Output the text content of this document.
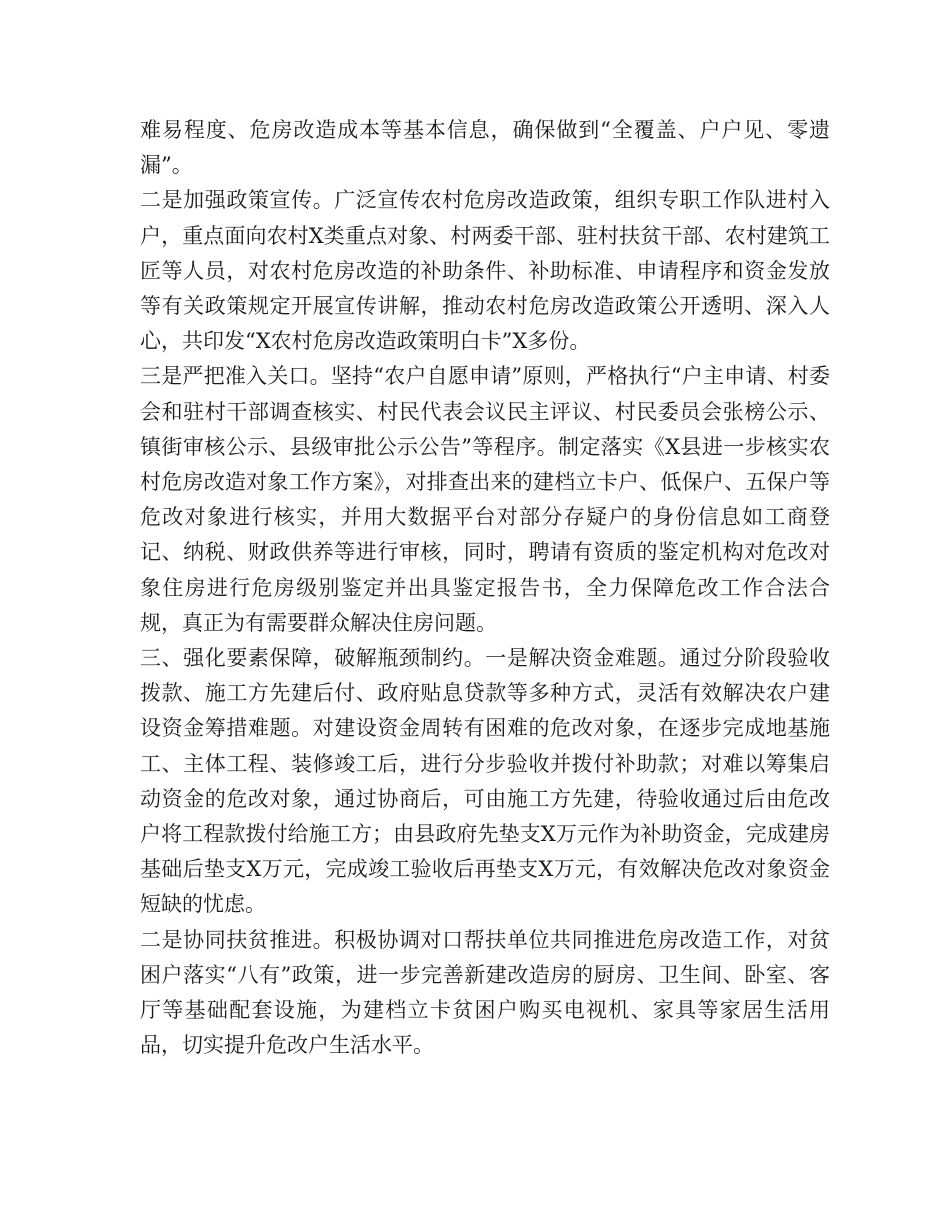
难易程度、危房改造成本等基本信息，确保做到“全覆盖、户户见、零遗漏”。

二是加强政策宣传。广泛宣传农村危房改造政策，组织专职工作队进村入户，重点面向农村X类重点对象、村两委干部、驻村扶贫干部、农村建筑工匠等人员，对农村危房改造的补助条件、补助标准、申请程序和资金发放等有关政策规定开展宣传讲解，推动农村危房改造政策公开透明、深入人心，共印发“X农村危房改造政策明白卡”X多份。

三是严把准入关口。坚持“农户自愿申请”原则，严格执行“户主申请、村委会和驻村干部调查核实、村民代表会议民主评议、村民委员会张榜公示、镇街审核公示、县级审批公示公告”等程序。制定落实《X县进一步核实农村危房改造对象工作方案》，对排查出来的建档立卡户、低保户、五保户等危改对象进行核实，并用大数据平台对部分存疑户的身份信息如工商登记、纳税、财政供养等进行审核，同时，聘请有资质的鉴定机构对危改对象住房进行危房级别鉴定并出具鉴定报告书，全力保障危改工作合法合规，真正为有需要群众解决住房问题。

三、强化要素保障，破解瓶颈制约。一是解决资金难题。通过分阶段验收拨款、施工方先建后付、政府贴息贷款等多种方式，灵活有效解决农户建设资金筹措难题。对建设资金周转有困难的危改对象，在逐步完成地基施工、主体工程、装修竣工后，进行分步验收并拨付补助款；对难以筹集启动资金的危改对象，通过协商后，可由施工方先建，待验收通过后由危改户将工程款拨付给施工方；由县政府先垫支X万元作为补助资金，完成建房基础后垫支X万元，完成竣工验收后再垫支X万元，有效解决危改对象资金短缺的忧虑。

二是协同扶贫推进。积极协调对口帮扶单位共同推进危房改造工作，对贫困户落实“八有”政策，进一步完善新建改造房的厨房、卫生间、卧室、客厅等基础配套设施，为建档立卡贫困户购买电视机、家具等家居生活用品，切实提升危改户生活水平。
